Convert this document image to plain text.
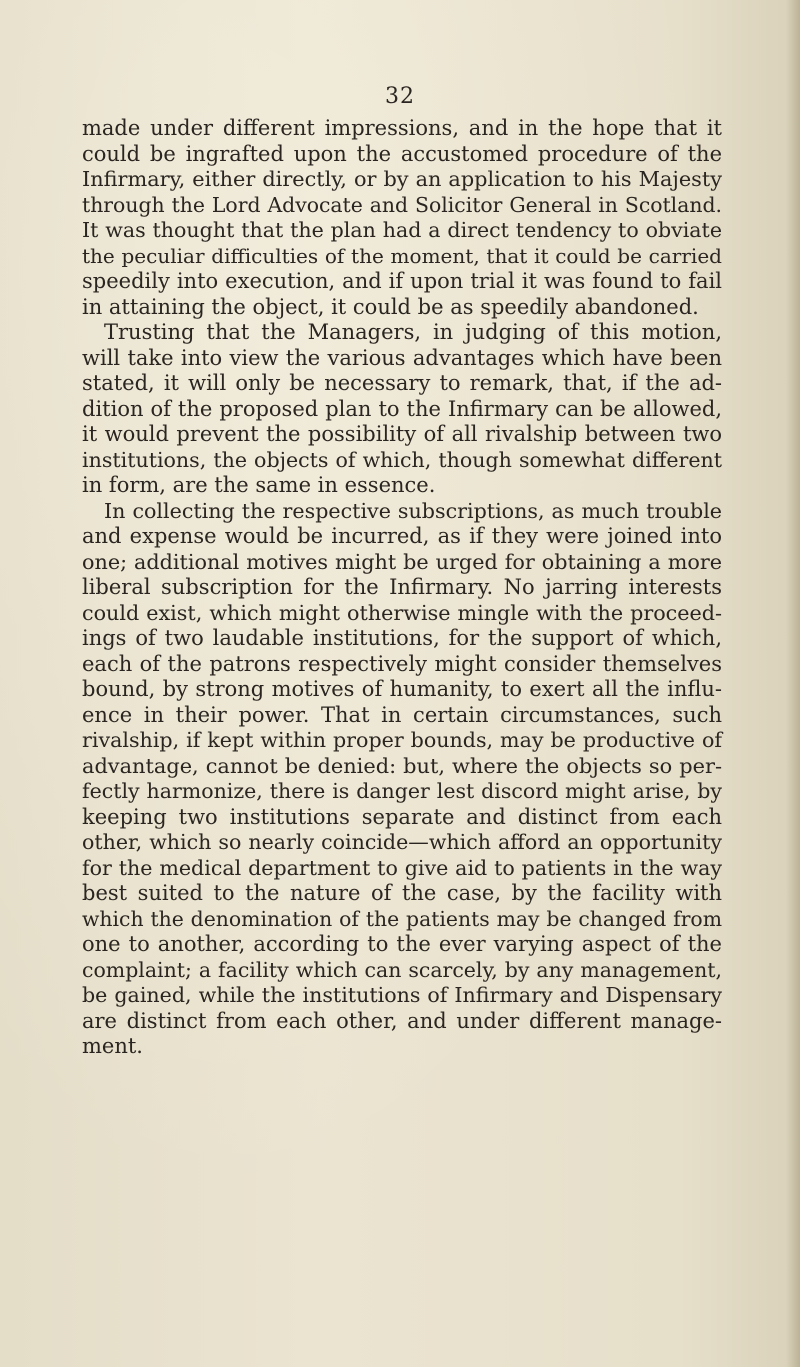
32
made under different impressions, and in the hope that it
could be ingrafted upon the accustomed procedure of the
Infirmary, either directly, or by an application to his Majesty
through the Lord Advocate and Solicitor General in Scotland.
It was thought that the plan had a direct tendency to obviate
the peculiar difficulties of the moment, that it could be carried
speedily into execution, and if upon trial it was found to fail
in attaining the object, it could be as speedily abandoned.
Trusting that the Managers, in judging of this motion,
will take into view the various advantages which have been
stated, it will only be necessary to remark, that, if the ad-
dition of the proposed plan to the Infirmary can be allowed,
it would prevent the possibility of all rivalship between two
institutions, the objects of which, though somewhat different
in form, are the same in essence.
In collecting the respective subscriptions, as much trouble
and expense would be incurred, as if they were joined into
one; additional motives might be urged for obtaining a more
liberal subscription for the Infirmary. No jarring interests
could exist, which might otherwise mingle with the proceed-
ings of two laudable institutions, for the support of which,
each of the patrons respectively might consider themselves
bound, by strong motives of humanity, to exert all the influ-
ence in their power. That in certain circumstances, such
rivalship, if kept within proper bounds, may be productive of
advantage, cannot be denied: but, where the objects so per-
fectly harmonize, there is danger lest discord might arise, by
keeping two institutions separate and distinct from each
other, which so nearly coincide—which afford an opportunity
for the medical department to give aid to patients in the way
best suited to the nature of the case, by the facility with
which the denomination of the patients may be changed from
one to another, according to the ever varying aspect of the
complaint; a facility which can scarcely, by any management,
be gained, while the institutions of Infirmary and Dispensary
are distinct from each other, and under different manage-
ment.
